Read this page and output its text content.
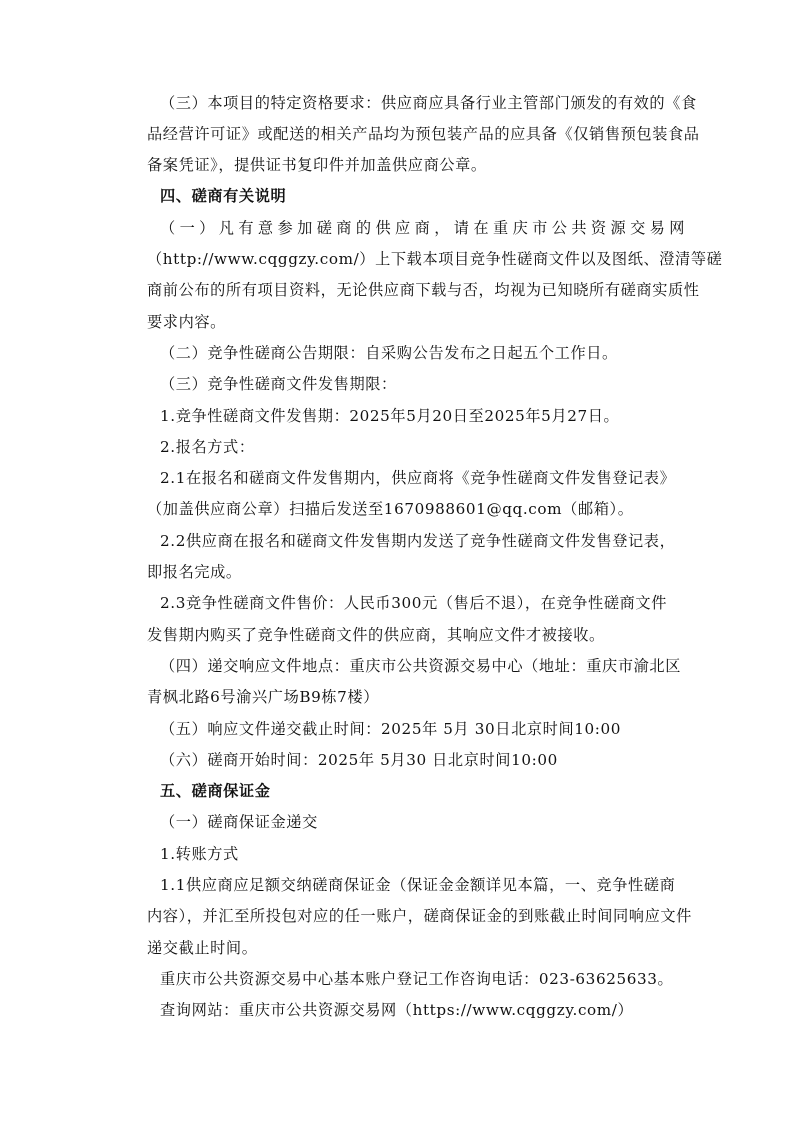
（三）本项目的特定资格要求：供应商应具备行业主管部门颁发的有效的《食
品经营许可证》或配送的相关产品均为预包装产品的应具备《仅销售预包装食品
备案凭证》，提供证书复印件并加盖供应商公章。
四、磋商有关说明
（一）凡有意参加磋商的供应商，请在重庆市公共资源交易网
（http://www.cqggzy.com/）上下载本项目竞争性磋商文件以及图纸、澄清等磋
商前公布的所有项目资料，无论供应商下载与否，均视为已知晓所有磋商实质性
要求内容。
（二）竞争性磋商公告期限：自采购公告发布之日起五个工作日。
（三）竞争性磋商文件发售期限：
1.竞争性磋商文件发售期：2025年5月20日至2025年5月27日。
2.报名方式：
2.1在报名和磋商文件发售期内，供应商将《竞争性磋商文件发售登记表》
（加盖供应商公章）扫描后发送至1670988601@qq.com（邮箱）。
2.2供应商在报名和磋商文件发售期内发送了竞争性磋商文件发售登记表，
即报名完成。
2.3竞争性磋商文件售价：人民币300元（售后不退），在竞争性磋商文件
发售期内购买了竞争性磋商文件的供应商，其响应文件才被接收。
（四）递交响应文件地点：重庆市公共资源交易中心（地址：重庆市渝北区
青枫北路6号渝兴广场B9栋7楼）
（五）响应文件递交截止时间：2025年 5月 30日北京时间10:00
（六）磋商开始时间：2025年 5月30 日北京时间10:00
五、磋商保证金
（一）磋商保证金递交
1.转账方式
1.1供应商应足额交纳磋商保证金（保证金金额详见本篇，一、竞争性磋商
内容），并汇至所投包对应的任一账户，磋商保证金的到账截止时间同响应文件
递交截止时间。
重庆市公共资源交易中心基本账户登记工作咨询电话：023-63625633。
查询网站：重庆市公共资源交易网（https://www.cqggzy.com/）
